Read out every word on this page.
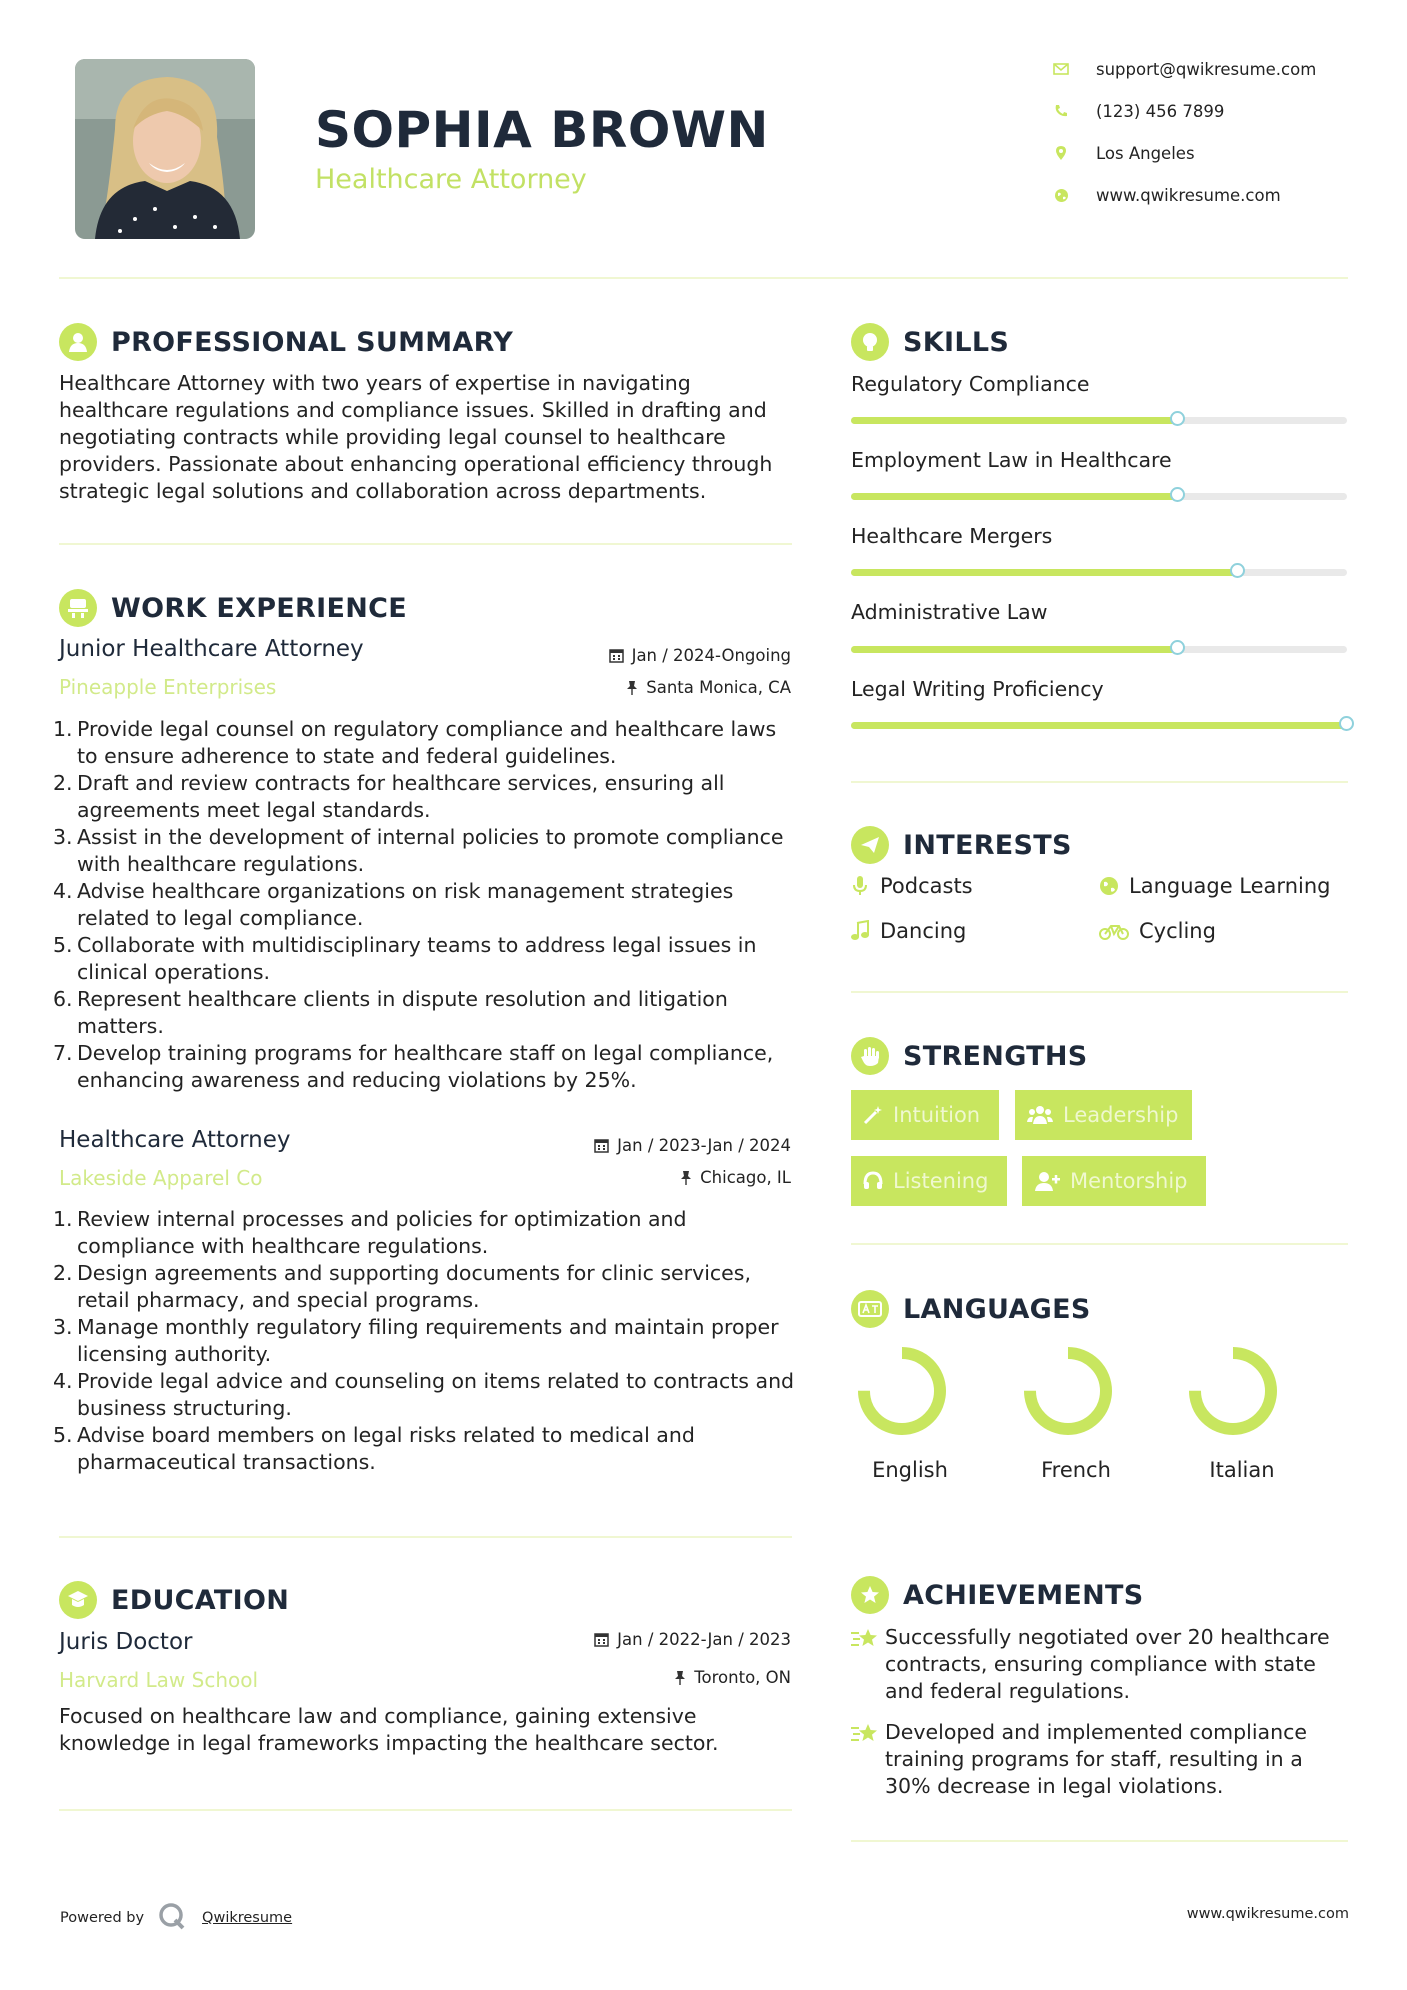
SOPHIA BROWN
Healthcare Attorney
support@qwikresume.com
(123) 456 7899
Los Angeles
www.qwikresume.com
PROFESSIONAL SUMMARY
Healthcare Attorney with two years of expertise in navigating healthcare regulations and compliance issues. Skilled in drafting and negotiating contracts while providing legal counsel to healthcare providers. Passionate about enhancing operational efficiency through strategic legal solutions and collaboration across departments.
WORK EXPERIENCE
Junior Healthcare Attorney
Pineapple Enterprises
Jan / 2024-Ongoing
Santa Monica, CA
1. Provide legal counsel on regulatory compliance and healthcare laws to ensure adherence to state and federal guidelines.
2. Draft and review contracts for healthcare services, ensuring all agreements meet legal standards.
3. Assist in the development of internal policies to promote compliance with healthcare regulations.
4. Advise healthcare organizations on risk management strategies related to legal compliance.
5. Collaborate with multidisciplinary teams to address legal issues in clinical operations.
6. Represent healthcare clients in dispute resolution and litigation matters.
7. Develop training programs for healthcare staff on legal compliance, enhancing awareness and reducing violations by 25%.
Healthcare Attorney
Lakeside Apparel Co
Jan / 2023-Jan / 2024
Chicago, IL
1. Review internal processes and policies for optimization and compliance with healthcare regulations.
2. Design agreements and supporting documents for clinic services, retail pharmacy, and special programs.
3. Manage monthly regulatory filing requirements and maintain proper licensing authority.
4. Provide legal advice and counseling on items related to contracts and business structuring.
5. Advise board members on legal risks related to medical and pharmaceutical transactions.
EDUCATION
Juris Doctor
Harvard Law School
Jan / 2022-Jan / 2023
Toronto, ON
Focused on healthcare law and compliance, gaining extensive knowledge in legal frameworks impacting the healthcare sector.
SKILLS
Regulatory Compliance
Employment Law in Healthcare
Healthcare Mergers
Administrative Law
Legal Writing Proficiency
INTERESTS
Podcasts	Language Learning
Dancing	Cycling
STRENGTHS
Intuition	Leadership
Listening	Mentorship
LANGUAGES
English	French	Italian
ACHIEVEMENTS
Successfully negotiated over 20 healthcare contracts, ensuring compliance with state and federal regulations.
Developed and implemented compliance training programs for staff, resulting in a 30% decrease in legal violations.
Powered by	Qwikresume	www.qwikresume.com
